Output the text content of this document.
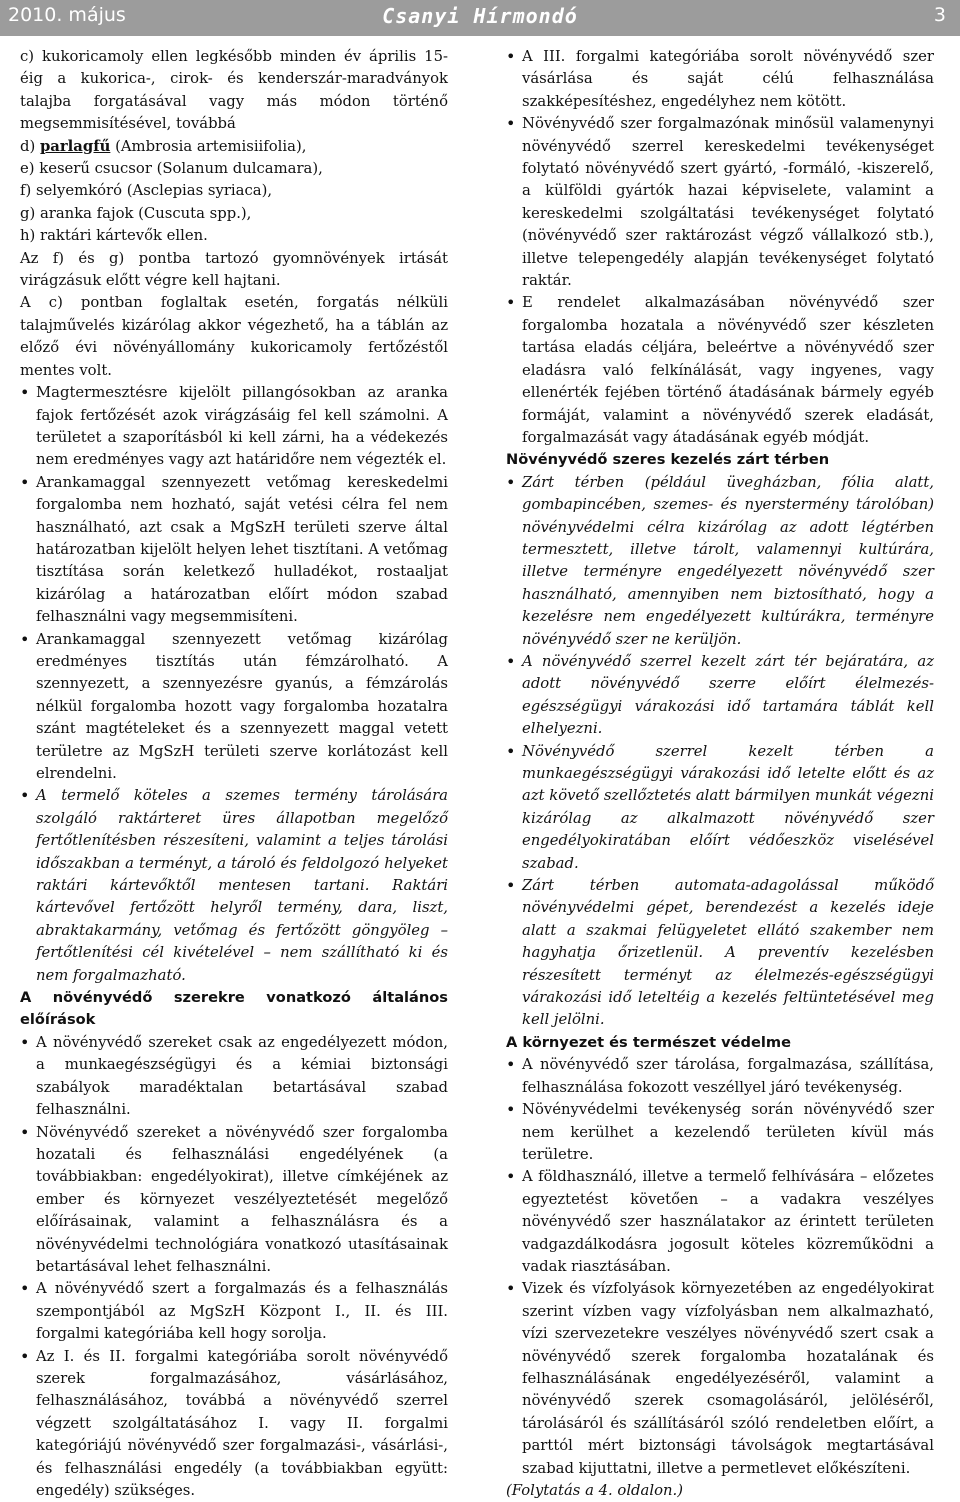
2010. május	Csanyi Hírmondó	3

c) kukoricamoly ellen legkésőbb minden év április 15-éig a kukorica-, cirok- és kenderszár-maradványok talajba forgatásával vagy más módon történő megsemmisítésével, továbbá

d) parlagfű (Ambrosia artemisiifolia),

e) keserű csucsor (Solanum dulcamara),

f) selyemkóró (Asclepias syriaca),

g) aranka fajok (Cuscuta spp.),

h) raktári kártevők ellen.

Az f) és g) pontba tartozó gyomnövények irtását virágzásuk előtt végre kell hajtani.

A c) pontban foglaltak esetén, forgatás nélküli talajművelés kizárólag akkor végezhető, ha a táblán az előző évi növényállomány kukoricamoly fertőzéstől mentes volt.

• Magtermesztésre kijelölt pillangósokban az aranka fajok fertőzését azok virágzásáig fel kell számolni. A területet a szaporításból ki kell zárni, ha a védekezés nem eredményes vagy azt határidőre nem végezték el.
• Arankamaggal szennyezett vetőmag kereskedelmi forgalomba nem hozható, saját vetési célra fel nem használható, azt csak a MgSzH területi szerve által határozatban kijelölt helyen lehet tisztítani. A vetőmag tisztítása során keletkező hulladékot, rostaaljat kizárólag a határozatban előírt módon szabad felhasználni vagy megsemmisíteni.
• Arankamaggal szennyezett vetőmag kizárólag eredményes tisztítás után fémzárolható. A szennyezett, a szennyezésre gyanús, a fémzárolás nélkül forgalomba hozott vagy forgalomba hozatalra szánt magtételeket és a szennyezett maggal vetett területre az MgSzH területi szerve korlátozást kell elrendelni.
• A termelő köteles a szemes termény tárolására szolgáló raktárteret üres állapotban megelőző fertőtlenítésben részesíteni, valamint a teljes tárolási időszakban a terményt, a tároló és feldolgozó helyeket raktári kártevőktől mentesen tartani. Raktári kártevővel fertőzött helyről termény, dara, liszt, abraktakarmány, vetőmag és fertőzött göngyöleg – fertőtlenítési cél kivételével – nem szállítható ki és nem forgalmazható.

A növényvédő szerekre vonatkozó általános előírások

• A növényvédő szereket csak az engedélyezett módon, a munkaegészségügyi és a kémiai biztonsági szabályok maradéktalan betartásával szabad felhasználni.
• Növényvédő szereket a növényvédő szer forgalomba hozatali és felhasználási engedélyének (a továbbiakban: engedélyokirat), illetve címkéjének az ember és környezet veszélyeztetését megelőző előírásainak, valamint a felhasználásra és a növényvédelmi technológiára vonatkozó utasításainak betartásával lehet felhasználni.
• A növényvédő szert a forgalmazás és a felhasználás szempontjából az MgSzH Központ I., II. és III. forgalmi kategóriába kell hogy sorolja.
• Az I. és II. forgalmi kategóriába sorolt növényvédő szerek forgalmazásához, vásárlásához, felhasználásához, továbbá a növényvédő szerrel végzett szolgáltatásához I. vagy II. forgalmi kategóriájú növényvédő szer forgalmazási-, vásárlási-, és felhasználási engedély (a továbbiakban együtt: engedély) szükséges.
• A III. forgalmi kategóriába sorolt növényvédő szer vásárlása és saját célú felhasználása szakképesítéshez, engedélyhez nem kötött.
• Növényvédő szer forgalmazónak minősül valamenynyi növényvédő szerrel kereskedelmi tevékenységet folytató növényvédő szert gyártó, -formáló, -kiszerelő, a külföldi gyártók hazai képviselete, valamint a kereskedelmi szolgáltatási tevékenységet folytató (növényvédő szer raktározást végző vállalkozó stb.), illetve telepengedély alapján tevékenységet folytató raktár.
• E rendelet alkalmazásában növényvédő szer forgalomba hozatala a növényvédő szer készleten tartása eladás céljára, beleértve a növényvédő szer eladásra való felkínálását, vagy ingyenes, vagy ellenérték fejében történő átadásának bármely egyéb formáját, valamint a növényvédő szerek eladását, forgalmazását vagy átadásának egyéb módját.

Növényvédő szeres kezelés zárt térben

• Zárt térben (például üvegházban, fólia alatt, gombapincében, szemes- és nyerstermény tárolóban) növényvédelmi célra kizárólag az adott légtérben termesztett, illetve tárolt, valamennyi kultúrára, illetve terményre engedélyezett növényvédő szer használható, amennyiben nem biztosítható, hogy a kezelésre nem engedélyezett kultúrákra, terményre növényvédő szer ne kerüljön.
• A növényvédő szerrel kezelt zárt tér bejáratára, az adott növényvédő szerre előírt élelmezés-egészségügyi várakozási idő tartamára táblát kell elhelyezni.
• Növényvédő szerrel kezelt térben a munkaegészségügyi várakozási idő letelte előtt és az azt követő szellőztetés alatt bármilyen munkát végezni kizárólag az alkalmazott növényvédő szer engedélyokiratában előírt védőeszköz viselésével szabad.
• Zárt térben automata-adagolással működő növényvédelmi gépet, berendezést a kezelés ideje alatt a szakmai felügyeletet ellátó szakember nem hagyhatja őrizetlenül. A preventív kezelésben részesített terményt az élelmezés-egészségügyi várakozási idő leteltéig a kezelés feltüntetésével meg kell jelölni.

A környezet és természet védelme

• A növényvédő szer tárolása, forgalmazása, szállítása, felhasználása fokozott veszéllyel járó tevékenység.
• Növényvédelmi tevékenység során növényvédő szer nem kerülhet a kezelendő területen kívül más területre.
• A földhasználó, illetve a termelő felhívására – előzetes egyeztetést követően – a vadakra veszélyes növényvédő szer használatakor az érintett területen vadgazdálkodásra jogosult köteles közreműködni a vadak riasztásában.
• Vizek és vízfolyások környezetében az engedélyokirat szerint vízben vagy vízfolyásban nem alkalmazható, vízi szervezetekre veszélyes növényvédő szert csak a növényvédő szerek forgalomba hozatalának és felhasználásának engedélyezéséről, valamint a növényvédő szerek csomagolásáról, jelöléséről, tárolásáról és szállításáról szóló rendeletben előírt, a parttól mért biztonsági távolságok megtartásával szabad kijuttatni, illetve a permetlevet előkészíteni.

(Folytatás a 4. oldalon.)
